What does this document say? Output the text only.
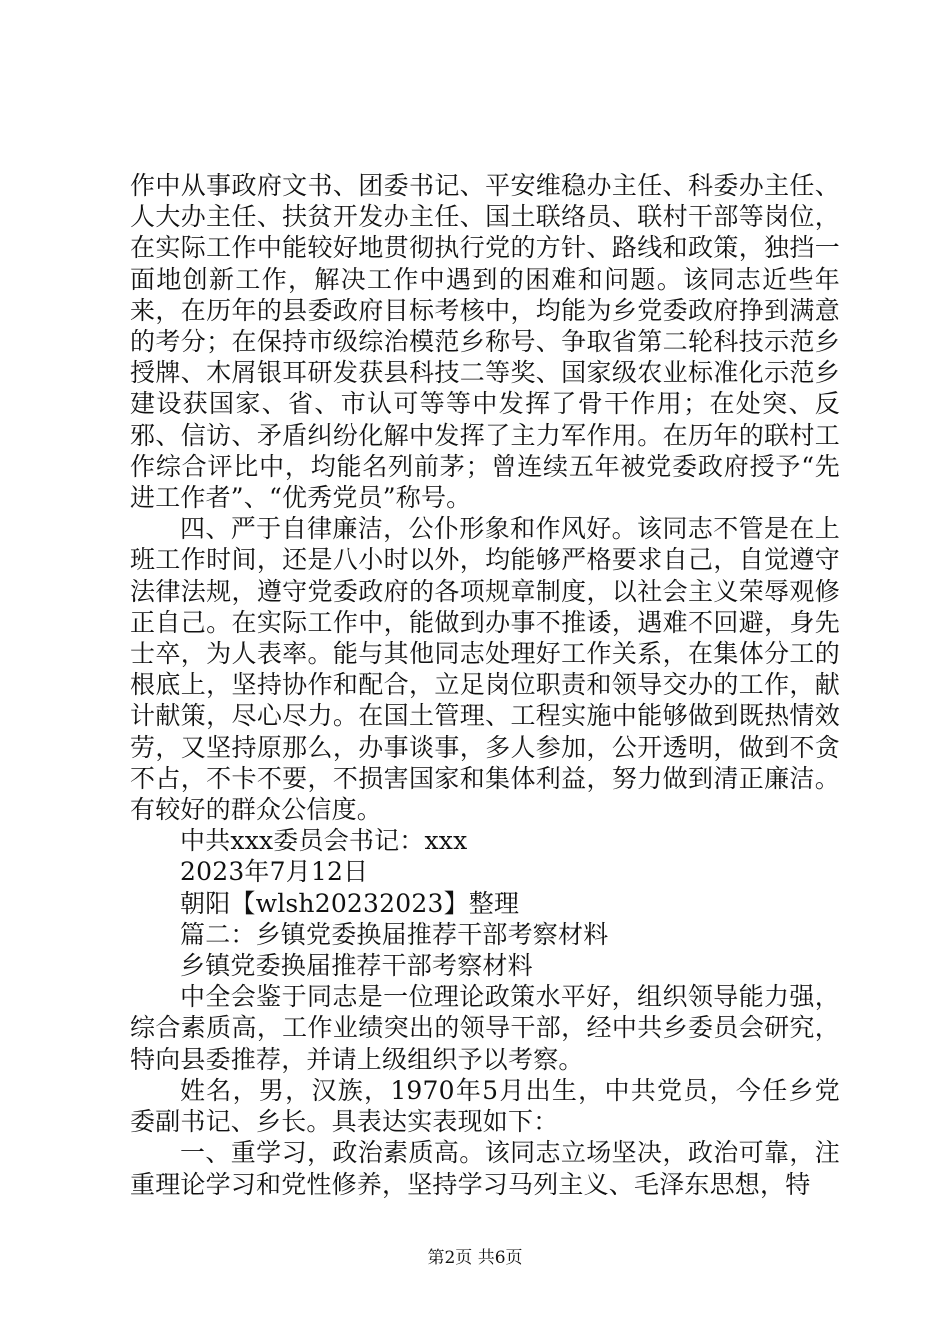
作中从事政府文书、团委书记、平安维稳办主任、科委办主任、人大办主任、扶贫开发办主任、国土联络员、联村干部等岗位，在实际工作中能较好地贯彻执行党的方针、路线和政策，独挡一面地创新工作，解决工作中遇到的困难和问题。该同志近些年来，在历年的县委政府目标考核中，均能为乡党委政府挣到满意的考分；在保持市级综治模范乡称号、争取省第二轮科技示范乡授牌、木屑银耳研发获县科技二等奖、国家级农业标准化示范乡建设获国家、省、市认可等等中发挥了骨干作用；在处突、反邪、信访、矛盾纠纷化解中发挥了主力军作用。在历年的联村工作综合评比中，均能名列前茅；曾连续五年被党委政府授予“先进工作者”、“优秀党员”称号。

四、严于自律廉洁，公仆形象和作风好。该同志不管是在上班工作时间，还是八小时以外，均能够严格要求自己，自觉遵守法律法规，遵守党委政府的各项规章制度，以社会主义荣辱观修正自己。在实际工作中，能做到办事不推诿，遇难不回避，身先士卒，为人表率。能与其他同志处理好工作关系，在集体分工的根底上，坚持协作和配合，立足岗位职责和领导交办的工作，献计献策，尽心尽力。在国土管理、工程实施中能够做到既热情效劳，又坚持原那么，办事谈事，多人参加，公开透明，做到不贪不占，不卡不要，不损害国家和集体利益，努力做到清正廉洁。有较好的群众公信度。

中共xxx委员会书记：xxx

2023年7月12日

朝阳【wlsh20232023】整理

篇二：乡镇党委换届推荐干部考察材料

乡镇党委换届推荐干部考察材料

中全会鉴于同志是一位理论政策水平好，组织领导能力强，综合素质高，工作业绩突出的领导干部，经中共乡委员会研究，特向县委推荐，并请上级组织予以考察。

姓名，男，汉族，1970年5月出生，中共党员，今任乡党委副书记、乡长。具表达实表现如下：

一、重学习，政治素质高。该同志立场坚决，政治可靠，注重理论学习和党性修养，坚持学习马列主义、毛泽东思想，特

第2页 共6页
